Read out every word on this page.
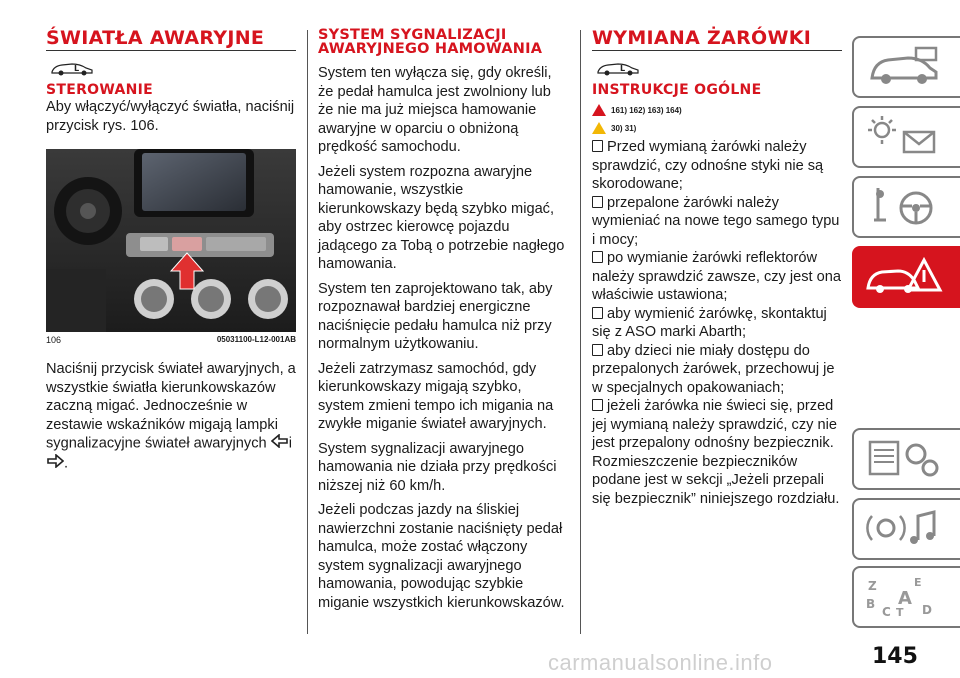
ŚWIATŁA AWARYJNE
L
STEROWANIE

Aby włączyć/wyłączyć światła, naciśnij przycisk rys. 106.

106	05031100-L12-001AB

Naciśnij przycisk świateł awaryjnych, a wszystkie światła kierunkowskazów zaczną migać. Jednocześnie w zestawie wskaźników migają lampki sygnalizacyjne świateł awaryjnych i
.

SYSTEM SYGNALIZACJI AWARYJNEGO HAMOWANIA

System ten wyłącza się, gdy określi, że pedał hamulca jest zwolniony lub że nie ma już miejsca hamowanie awaryjne w oparciu o obniżoną prędkość samochodu.

Jeżeli system rozpozna awaryjne hamowanie, wszystkie kierunkowskazy będą szybko migać, aby ostrzec kierowcę pojazdu jadącego za Tobą o potrzebie nagłego hamowania.

System ten zaprojektowano tak, aby rozpoznawał bardziej energiczne naciśnięcie pedału hamulca niż przy normalnym użytkowaniu.

Jeżeli zatrzymasz samochód, gdy kierunkowskazy migają szybko, system zmieni tempo ich migania na zwykłe miganie świateł awaryjnych.

System sygnalizacji awaryjnego hamowania nie działa przy prędkości niższej niż 60 km/h.

Jeżeli podczas jazdy na śliskiej nawierzchni zostanie naciśnięty pedał hamulca, może zostać włączony system sygnalizacji awaryjnego hamowania, powodując szybkie miganie wszystkich kierunkowskazów.

WYMIANA ŻARÓWKI
L
INSTRUKCJE OGÓLNE
161) 162) 163) 164)
30) 31)

Przed wymianą żarówki należy sprawdzić, czy odnośne styki nie są skorodowane;

przepalone żarówki należy wymieniać na nowe tego samego typu i mocy;

po wymianie żarówki reflektorów należy sprawdzić zawsze, czy jest ona właściwie ustawiona;

aby wymienić żarówkę, skontaktuj się z ASO marki Abarth;

aby dzieci nie miały dostępu do przepalonych żarówek, przechowuj je w specjalnych opakowaniach;

jeżeli żarówka nie świeci się, przed jej wymianą należy sprawdzić, czy nie jest przepalony odnośny bezpiecznik.

Rozmieszczenie bezpieczników podane jest w sekcji „Jeżeli przepali się bezpiecznik” niniejszego rozdziału.

Z	E
B A
C T D
carmanualsonline.info	145
